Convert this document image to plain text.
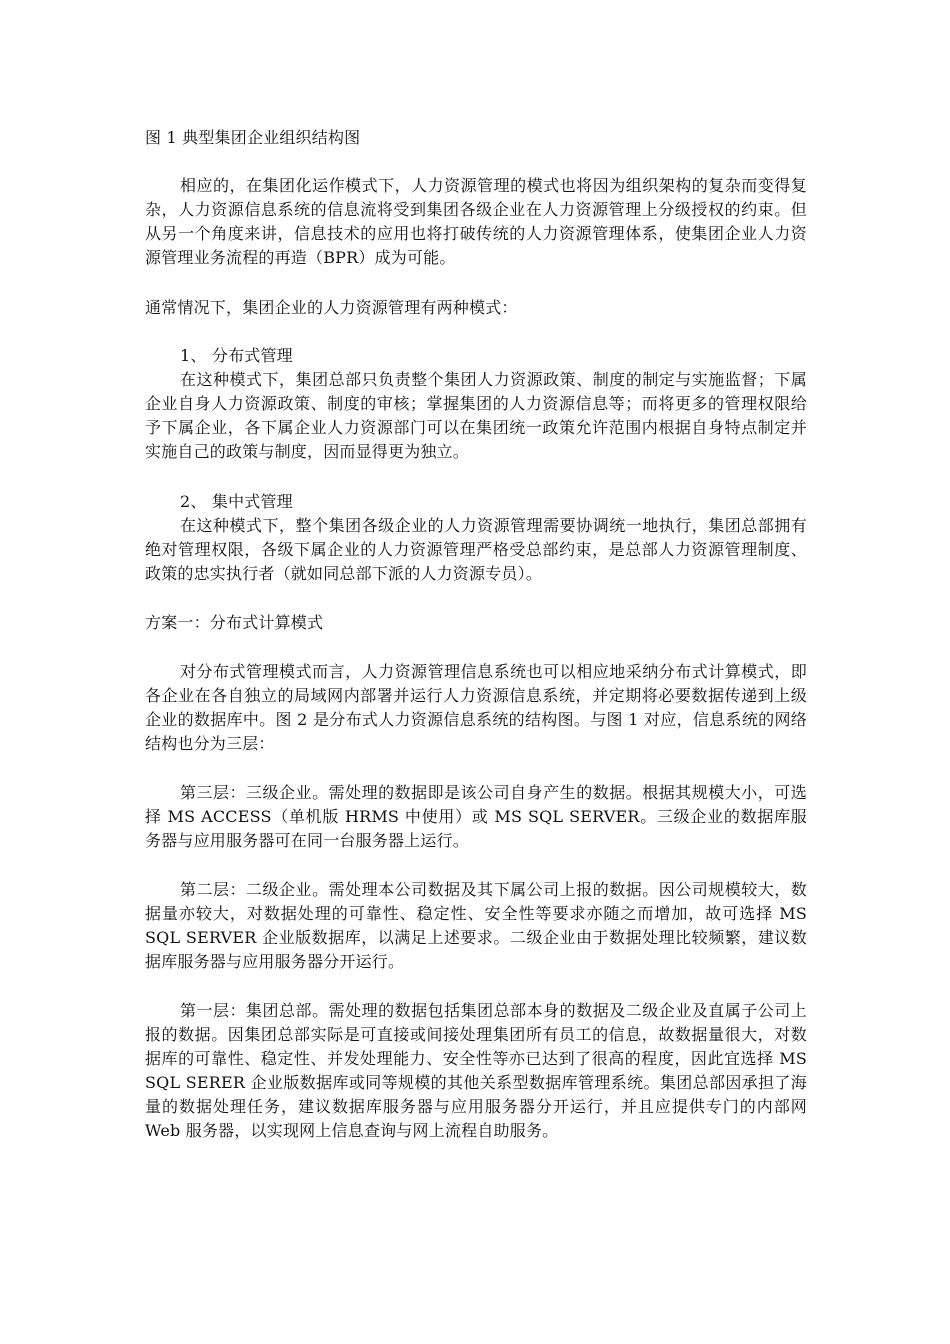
图 1 典型集团企业组织结构图
相应的，在集团化运作模式下，人力资源管理的模式也将因为组织架构的复杂而变得复杂，人力资源信息系统的信息流将受到集团各级企业在人力资源管理上分级授权的约束。但从另一个角度来讲，信息技术的应用也将打破传统的人力资源管理体系，使集团企业人力资源管理业务流程的再造（BPR）成为可能。
通常情况下，集团企业的人力资源管理有两种模式：
1、 分布式管理
在这种模式下，集团总部只负责整个集团人力资源政策、制度的制定与实施监督；下属企业自身人力资源政策、制度的审核；掌握集团的人力资源信息等；而将更多的管理权限给予下属企业，各下属企业人力资源部门可以在集团统一政策允许范围内根据自身特点制定并实施自己的政策与制度，因而显得更为独立。
2、 集中式管理
在这种模式下，整个集团各级企业的人力资源管理需要协调统一地执行，集团总部拥有绝对管理权限，各级下属企业的人力资源管理严格受总部约束，是总部人力资源管理制度、政策的忠实执行者（就如同总部下派的人力资源专员）。
方案一：分布式计算模式
对分布式管理模式而言，人力资源管理信息系统也可以相应地采纳分布式计算模式，即各企业在各自独立的局域网内部署并运行人力资源信息系统，并定期将必要数据传递到上级企业的数据库中。图 2 是分布式人力资源信息系统的结构图。与图 1 对应，信息系统的网络结构也分为三层：
第三层：三级企业。需处理的数据即是该公司自身产生的数据。根据其规模大小，可选择 MS ACCESS（单机版 HRMS 中使用）或 MS SQL SERVER。三级企业的数据库服务器与应用服务器可在同一台服务器上运行。
第二层：二级企业。需处理本公司数据及其下属公司上报的数据。因公司规模较大，数据量亦较大，对数据处理的可靠性、稳定性、安全性等要求亦随之而增加，故可选择 MS SQL SERVER 企业版数据库，以满足上述要求。二级企业由于数据处理比较频繁，建议数据库服务器与应用服务器分开运行。
第一层：集团总部。需处理的数据包括集团总部本身的数据及二级企业及直属子公司上报的数据。因集团总部实际是可直接或间接处理集团所有员工的信息，故数据量很大，对数据库的可靠性、稳定性、并发处理能力、安全性等亦已达到了很高的程度，因此宜选择 MS SQL SERER 企业版数据库或同等规模的其他关系型数据库管理系统。集团总部因承担了海量的数据处理任务，建议数据库服务器与应用服务器分开运行，并且应提供专门的内部网 Web 服务器，以实现网上信息查询与网上流程自助服务。
